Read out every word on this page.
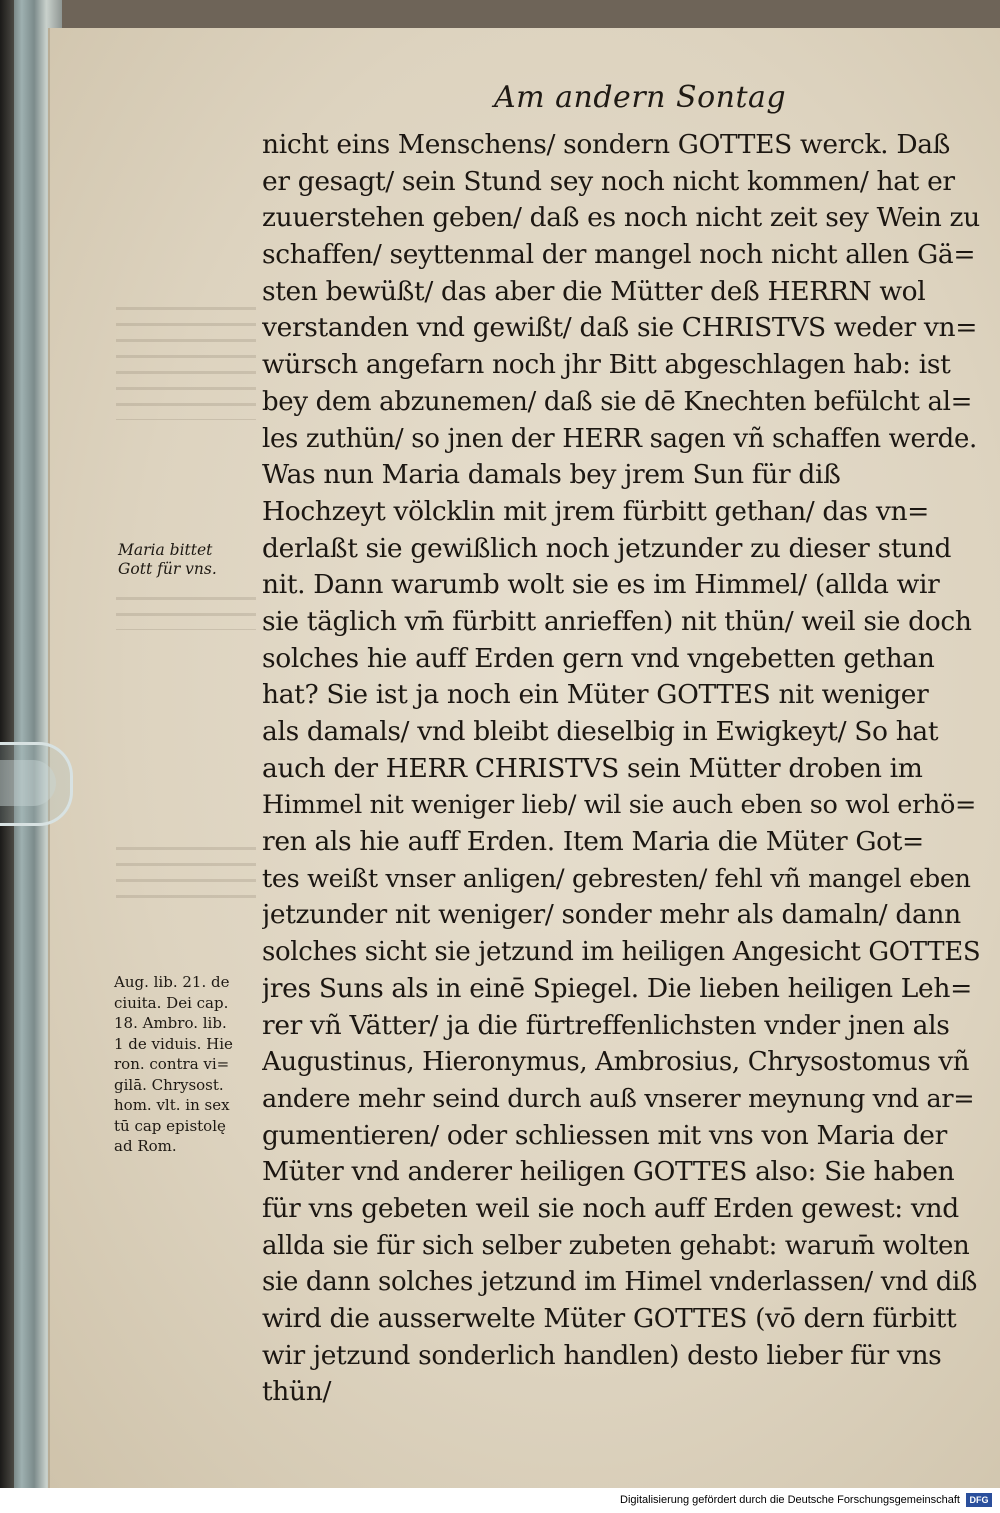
Am andern Sontag
nicht eins Menschens/ sondern GOTTES werck. Daß
er gesagt/ sein Stund sey noch nicht kommen/ hat er
zuuerstehen geben/ daß es noch nicht zeit sey Wein zu
schaffen/ seyttenmal der mangel noch nicht allen Gä=
sten bewüßt/ das aber die Mütter deß HERRN wol
verstanden vnd gewißt/ daß sie CHRISTVS weder vn=
würsch angefarn noch jhr Bitt abgeschlagen hab: ist
bey dem abzunemen/ daß sie dē Knechten befülcht al=
les zuthün/ so jnen der HERR sagen vñ schaffen werde.
Was nun Maria damals bey jrem Sun für diß
Hochzeyt völcklin mit jrem fürbitt gethan/ das vn=
derlaßt sie gewißlich noch jetzunder zu dieser stund
nit. Dann warumb wolt sie es im Himmel/ (allda wir
sie täglich vm̄ fürbitt anrieffen) nit thün/ weil sie doch
solches hie auff Erden gern vnd vngebetten gethan
hat? Sie ist ja noch ein Müter GOTTES nit weniger
als damals/ vnd bleibt dieselbig in Ewigkeyt/ So hat
auch der HERR CHRISTVS sein Mütter droben im
Himmel nit weniger lieb/ wil sie auch eben so wol erhö=
ren als hie auff Erden. Item Maria die Müter Got=
tes weißt vnser anligen/ gebresten/ fehl vñ mangel eben
jetzunder nit weniger/ sonder mehr als damaln/ dann
solches sicht sie jetzund im heiligen Angesicht GOTTES
jres Suns als in einē Spiegel. Die lieben heiligen Leh=
rer vñ Vätter/ ja die fürtreffenlichsten vnder jnen als
Augustinus, Hieronymus, Ambrosius, Chrysostomus vñ
andere mehr seind durch auß vnserer meynung vnd ar=
gumentieren/ oder schliessen mit vns von Maria der
Müter vnd anderer heiligen GOTTES also: Sie haben
für vns gebeten weil sie noch auff Erden gewest: vnd
allda sie für sich selber zubeten gehabt: warum̄ wolten
sie dann solches jetzund im Himel vnderlassen/ vnd diß
wird die ausserwelte Müter GOTTES (vō dern fürbitt
wir jetzund sonderlich handlen) desto lieber für vns
thün/
Maria bittet
Gott für vns.
Aug. lib. 21. de
ciuita. Dei cap.
18. Ambro. lib.
1 de viduis. Hie
ron. contra vi=
gilā. Chrysost.
hom. vlt. in sex
tū cap epistolę
ad Rom.
Digitalisierung gefördert durch die Deutsche Forschungsgemeinschaft	DFG
